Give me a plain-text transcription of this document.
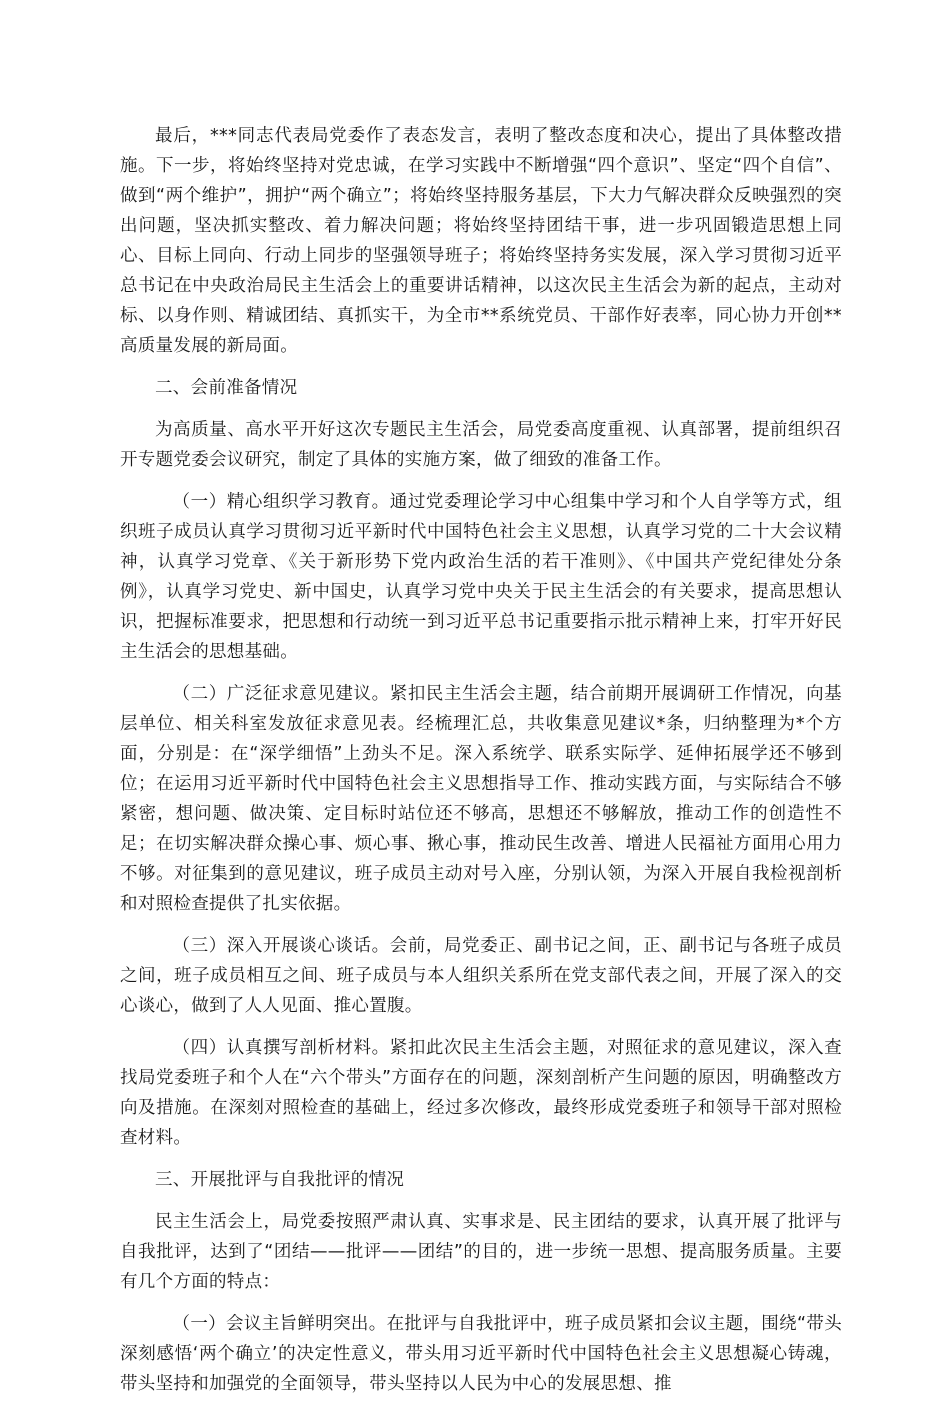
最后，***同志代表局党委作了表态发言，表明了整改态度和决心，提出了具体整改措施。下一步，将始终坚持对党忠诚，在学习实践中不断增强“四个意识”、坚定“四个自信”、做到“两个维护”，拥护“两个确立”；将始终坚持服务基层，下大力气解决群众反映强烈的突出问题，坚决抓实整改、着力解决问题；将始终坚持团结干事，进一步巩固锻造思想上同心、目标上同向、行动上同步的坚强领导班子；将始终坚持务实发展，深入学习贯彻习近平总书记在中央政治局民主生活会上的重要讲话精神，以这次民主生活会为新的起点，主动对标、以身作则、精诚团结、真抓实干，为全市**系统党员、干部作好表率，同心协力开创**高质量发展的新局面。

二、会前准备情况

为高质量、高水平开好这次专题民主生活会，局党委高度重视、认真部署，提前组织召开专题党委会议研究，制定了具体的实施方案，做了细致的准备工作。

（一）精心组织学习教育。通过党委理论学习中心组集中学习和个人自学等方式，组织班子成员认真学习贯彻习近平新时代中国特色社会主义思想，认真学习党的二十大会议精神，认真学习党章、《关于新形势下党内政治生活的若干准则》、《中国共产党纪律处分条例》，认真学习党史、新中国史，认真学习党中央关于民主生活会的有关要求，提高思想认识，把握标准要求，把思想和行动统一到习近平总书记重要指示批示精神上来，打牢开好民主生活会的思想基础。

（二）广泛征求意见建议。紧扣民主生活会主题，结合前期开展调研工作情况，向基层单位、相关科室发放征求意见表。经梳理汇总，共收集意见建议*条，归纳整理为*个方面，分别是：在“深学细悟”上劲头不足。深入系统学、联系实际学、延伸拓展学还不够到位；在运用习近平新时代中国特色社会主义思想指导工作、推动实践方面，与实际结合不够紧密，想问题、做决策、定目标时站位还不够高，思想还不够解放，推动工作的创造性不足；在切实解决群众操心事、烦心事、揪心事，推动民生改善、增进人民福祉方面用心用力不够。对征集到的意见建议，班子成员主动对号入座，分别认领，为深入开展自我检视剖析和对照检查提供了扎实依据。

（三）深入开展谈心谈话。会前，局党委正、副书记之间，正、副书记与各班子成员之间，班子成员相互之间、班子成员与本人组织关系所在党支部代表之间，开展了深入的交心谈心，做到了人人见面、推心置腹。

（四）认真撰写剖析材料。紧扣此次民主生活会主题，对照征求的意见建议，深入查找局党委班子和个人在“六个带头”方面存在的问题，深刻剖析产生问题的原因，明确整改方向及措施。在深刻对照检查的基础上，经过多次修改，最终形成党委班子和领导干部对照检查材料。

三、开展批评与自我批评的情况

民主生活会上，局党委按照严肃认真、实事求是、民主团结的要求，认真开展了批评与自我批评，达到了“团结——批评——团结”的目的，进一步统一思想、提高服务质量。主要有几个方面的特点：

（一）会议主旨鲜明突出。在批评与自我批评中，班子成员紧扣会议主题，围绕“带头深刻感悟‘两个确立’的决定性意义，带头用习近平新时代中国特色社会主义思想凝心铸魂，带头坚持和加强党的全面领导，带头坚持以人民为中心的发展思想、推
